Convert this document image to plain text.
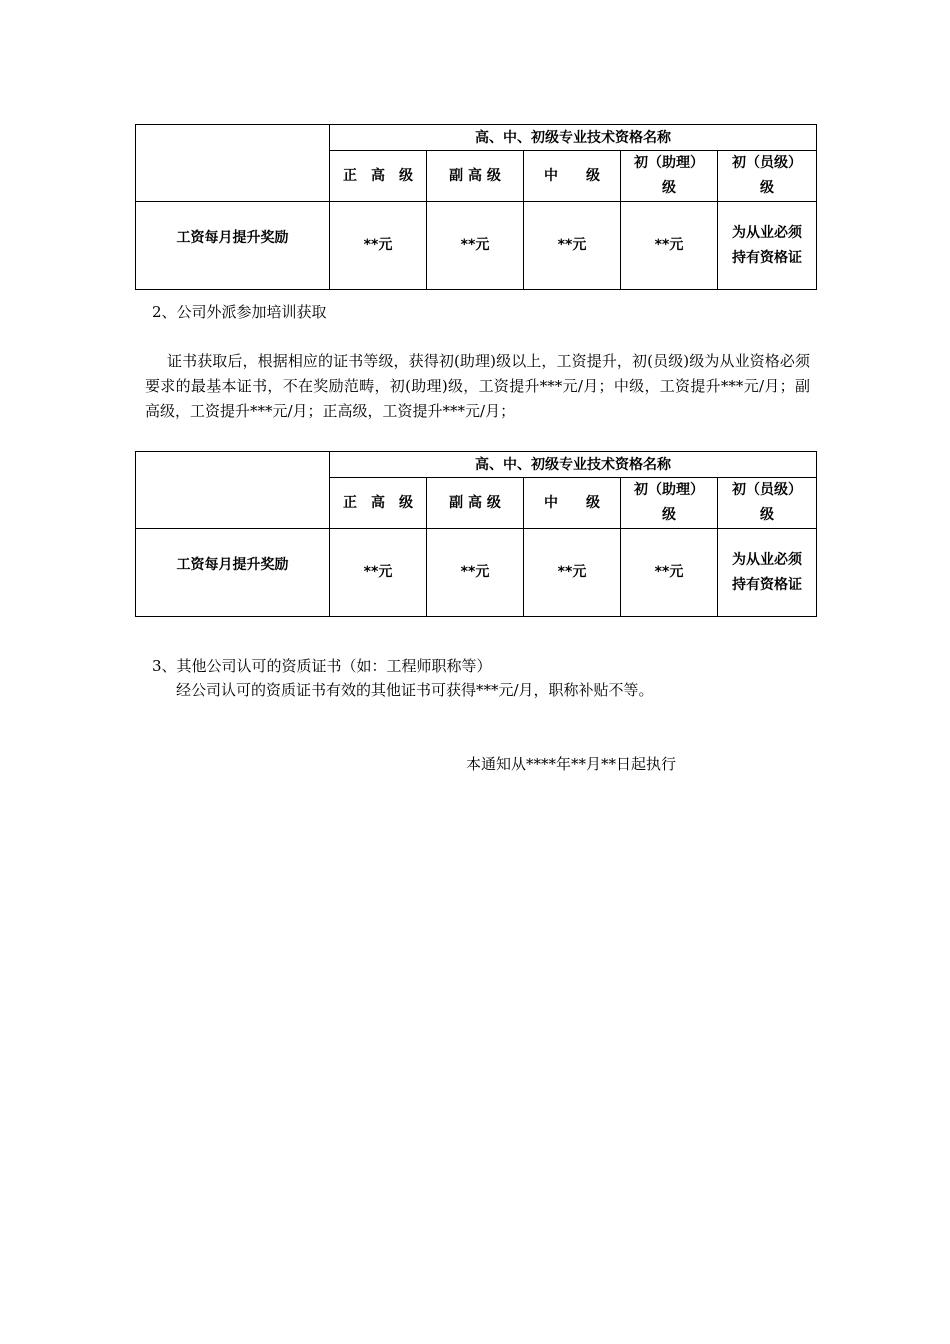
	高、中、初级专业技术资格名称				
	正　高　级	副 高 级	中　　级	初（助理）级	初（员级）级
工资每月提升奖励	**元	**元	**元	**元	为从业必须持有资格证

2、公司外派参加培训获取

证书获取后，根据相应的证书等级，获得初(助理)级以上，工资提升，初(员级)级为从业资格必须要求的最基本证书，不在奖励范畴，初(助理)级，工资提升***元/月；中级，工资提升***元/月；副高级，工资提升***元/月；正高级，工资提升***元/月；

	高、中、初级专业技术资格名称				
	正　高　级	副 高 级	中　　级	初（助理）级	初（员级）级
工资每月提升奖励	**元	**元	**元	**元	为从业必须持有资格证

3、其他公司认可的资质证书（如：工程师职称等）

经公司认可的资质证书有效的其他证书可获得***元/月，职称补贴不等。

本通知从****年**月**日起执行
